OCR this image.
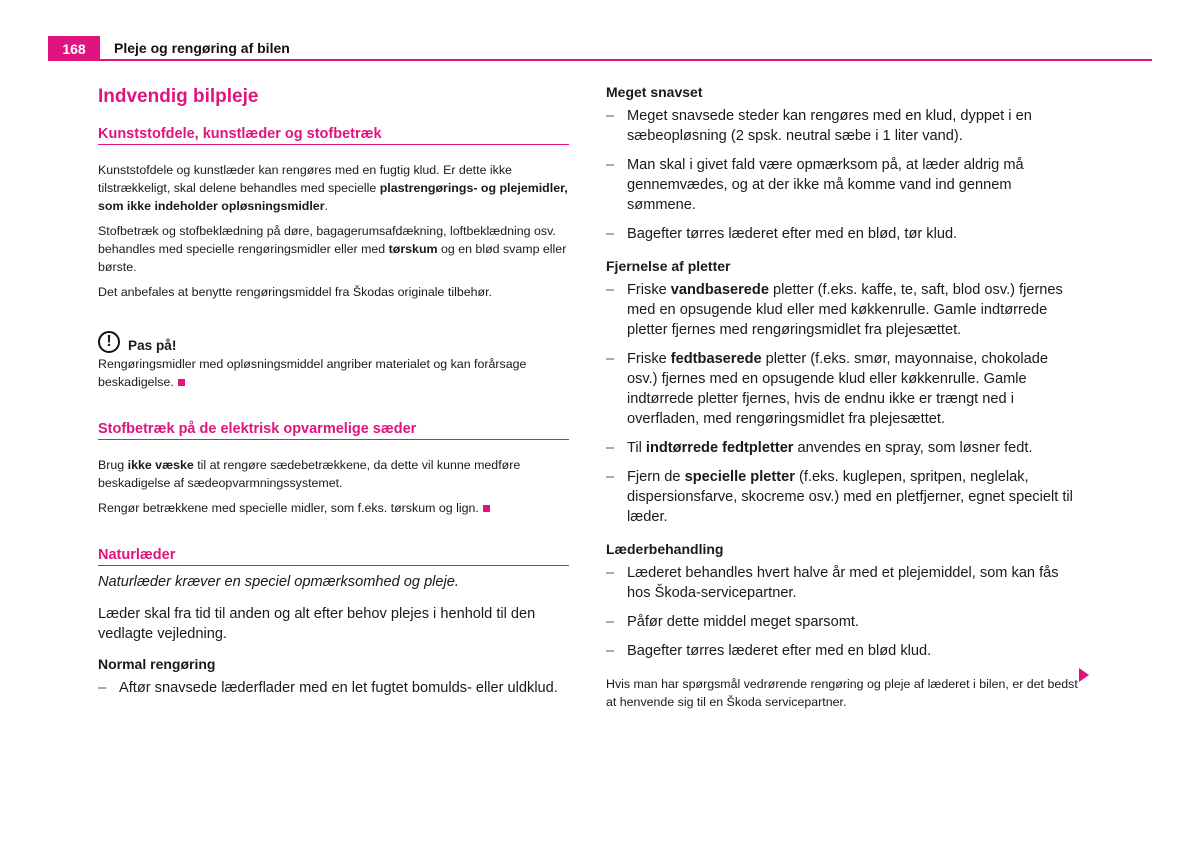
168	Pleje og rengøring af bilen
Indvendig bilpleje
Kunststofdele, kunstlæder og stofbetræk

Kunststofdele og kunstlæder kan rengøres med en fugtig klud. Er dette ikke tilstrækkeligt, skal delene behandles med specielle plastrengørings- og plejemidler, som ikke indeholder opløsningsmidler.

Stofbetræk og stofbeklædning på døre, bagagerumsafdækning, loftbeklædning osv. behandles med specielle rengøringsmidler eller med tørskum og en blød svamp eller børste.

Det anbefales at benytte rengøringsmiddel fra Škodas originale tilbehør.

!	Pas på!

Rengøringsmidler med opløsningsmiddel angriber materialet og kan forårsage beskadigelse.

Stofbetræk på de elektrisk opvarmelige sæder

Brug ikke væske til at rengøre sædebetrækkene, da dette vil kunne medføre beskadigelse af sædeopvarmningssystemet.

Rengør betrækkene med specielle midler, som f.eks. tørskum og lign.

Naturlæder

Naturlæder kræver en speciel opmærksomhed og pleje.

Læder skal fra tid til anden og alt efter behov plejes i henhold til den vedlagte vejledning.

Normal rengøring
– Aftør snavsede læderflader med en let fugtet bomulds- eller uldklud.
Meget snavset
– Meget snavsede steder kan rengøres med en klud, dyppet i en sæbeopløsning (2 spsk. neutral sæbe i 1 liter vand).
– Man skal i givet fald være opmærksom på, at læder aldrig må gennemvædes, og at der ikke må komme vand ind gennem sømmene.
– Bagefter tørres læderet efter med en blød, tør klud.
Fjernelse af pletter
– Friske vandbaserede pletter (f.eks. kaffe, te, saft, blod osv.) fjernes med en opsugende klud eller med køkkenrulle. Gamle indtørrede pletter fjernes med rengøringsmidlet fra plejesættet.
– Friske fedtbaserede pletter (f.eks. smør, mayonnaise, chokolade osv.) fjernes med en opsugende klud eller køkkenrulle. Gamle indtørrede pletter fjernes, hvis de endnu ikke er trængt ned i overfladen, med rengøringsmidlet fra plejesættet.
– Til indtørrede fedtpletter anvendes en spray, som løsner fedt.
– Fjern de specielle pletter (f.eks. kuglepen, spritpen, neglelak, dispersionsfarve, skocreme osv.) med en pletfjerner, egnet specielt til læder.
Læderbehandling
– Læderet behandles hvert halve år med et plejemiddel, som kan fås hos Škoda-servicepartner.
– Påfør dette middel meget sparsomt.
– Bagefter tørres læderet efter med en blød klud.

Hvis man har spørgsmål vedrørende rengøring og pleje af læderet i bilen, er det bedst at henvende sig til en Škoda servicepartner.
